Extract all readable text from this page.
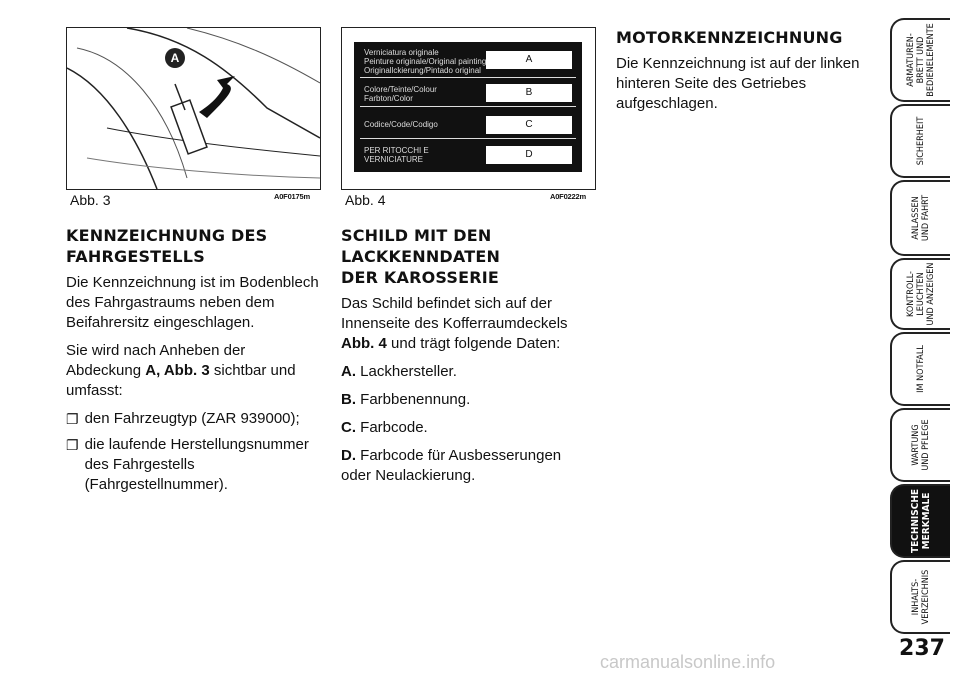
A
Abb. 3	A0F0175m
Verniciatura originale
Peinture originale/Original painting
Originallckierung/Pintado original
A
Colore/Teinte/Colour
Farbton/Color
B
Codice/Code/Codigo	C
PER RITOCCHI E
VERNICIATURE	D
Abb. 4	A0F0222m
KENNZEICHNUNG DES
FAHRGESTELLS

Die Kennzeichnung ist im Bodenblech des Fahrgastraums neben dem Beifahrersitz eingeschlagen.

Sie wird nach Anheben der Abdeckung A, Abb. 3 sichtbar und umfasst:

❐ den Fahrzeugtyp (ZAR 939000);
❐ die laufende Herstellungsnummer des Fahrgestells (Fahrgestellnummer).
SCHILD MIT DEN
LACKKENNDATEN
DER KAROSSERIE

Das Schild befindet sich auf der Innenseite des Kofferraumdeckels Abb. 4 und trägt folgende Daten:

A. Lackhersteller.

B. Farbbenennung.

C. Farbcode.

D. Farbcode für Ausbesserungen oder Neulackierung.

MOTORKENNZEICHNUNG

Die Kennzeichnung ist auf der linken hinteren Seite des Getriebes aufgeschlagen.

ARMATUREN-
BRETT UND
BEDIENELEMENTE
SICHERHEIT
ANLASSEN
UND FAHRT
KONTROLL-
LEUCHTEN
UND ANZEIGEN
IM NOTFALL
WARTUNG
UND PFLEGE
TECHNISCHE
MERKMALE
INHALTS-
VERZEICHNIS
237
carmanualsonline.info
